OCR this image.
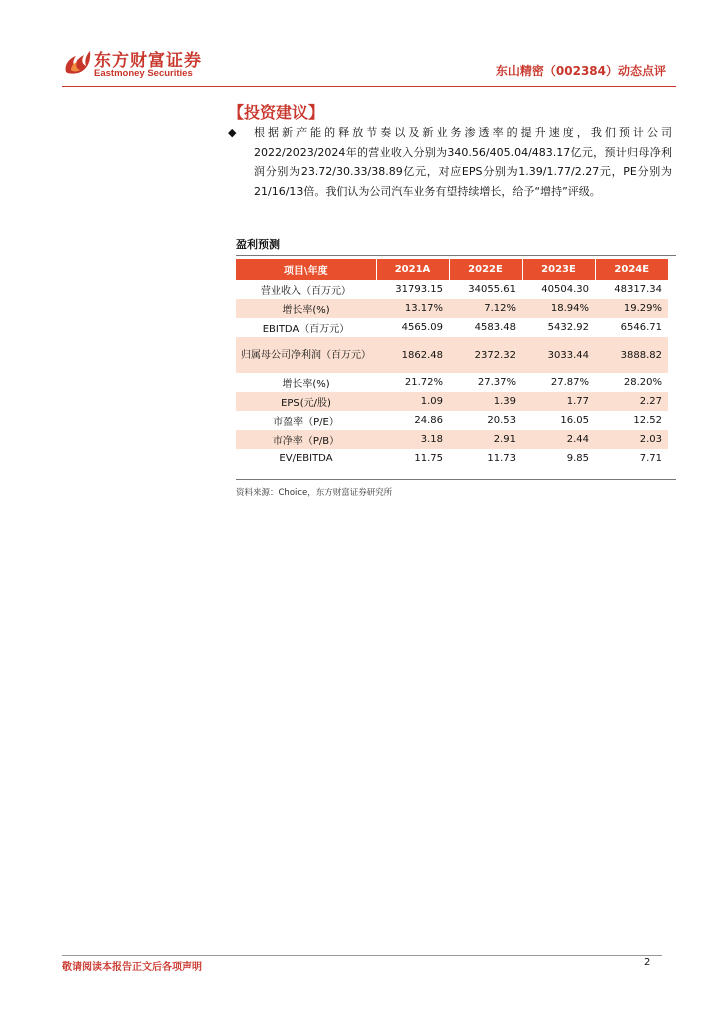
东方财富证券
Eastmoney Securities	东山精密（002384）动态点评
【投资建议】
◆ 根据新产能的释放节奏以及新业务渗透率的提升速度，我们预计公司2022/2023/2024年的营业收入分别为340.56/405.04/483.17亿元，预计归母净利润分别为23.72/30.33/38.89亿元，对应EPS分别为1.39/1.77/2.27元，PE分别为21/16/13倍。我们认为公司汽车业务有望持续增长，给予“增持”评级。
盈利预测
项目\年度	2021A	2022E	2023E	2024E
营业收入（百万元）	31793.15	34055.61	40504.30	48317.34
增长率(%)	13.17%	7.12%	18.94%	19.29%
EBITDA（百万元）	4565.09	4583.48	5432.92	6546.71

归属母公司净利润（百万元）	1862.48	2372.32	3033.44	3888.82
增长率(%)	21.72%	27.37%	27.87%	28.20%
EPS(元/股)	1.09	1.39	1.77	2.27
市盈率（P/E）	24.86	20.53	16.05	12.52
市净率（P/B）	3.18	2.91	2.44	2.03
EV/EBITDA	11.75	11.73	9.85	7.71
资料来源：Choice，东方财富证券研究所
敬请阅读本报告正文后各项声明	2
